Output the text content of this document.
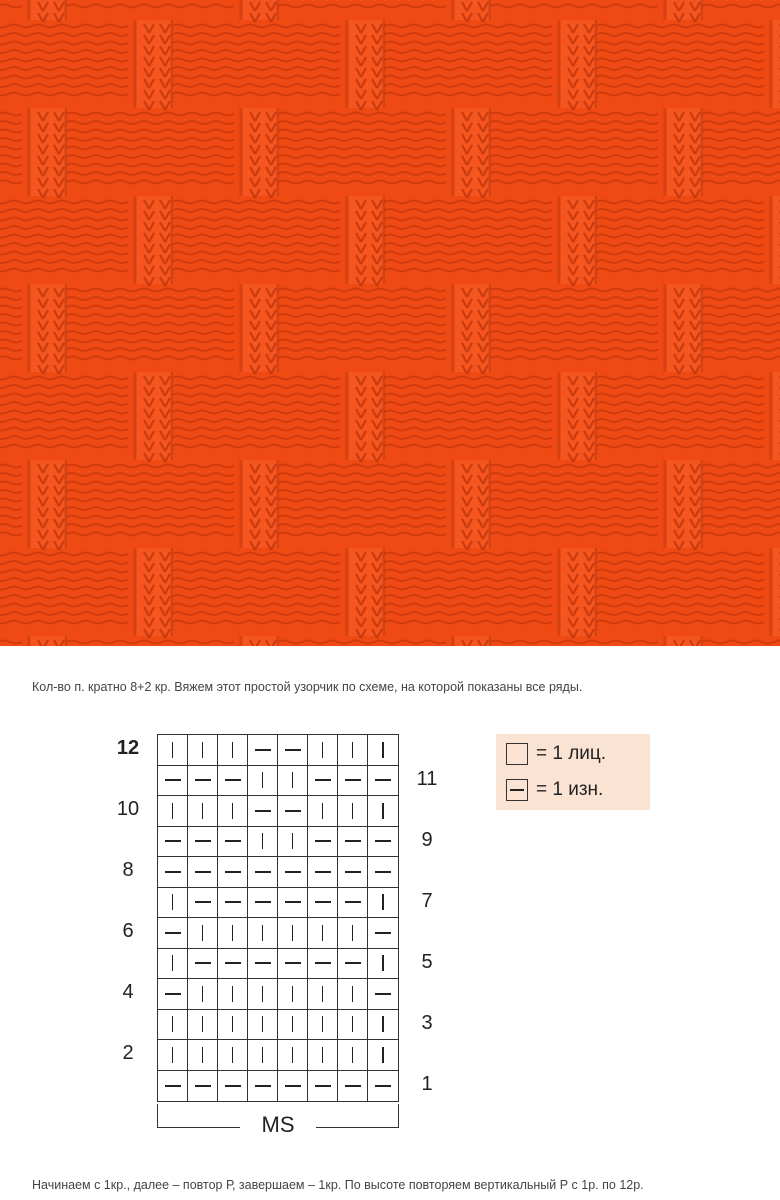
Кол-во п. кратно 8+2 кр. Вяжем этот простой узорчик по схеме, на которой показаны все ряды.
12
11
10
9
8
7
6
5
4
3
2
1
MS
= 1 лиц.
= 1 изн.
Начинаем с 1кр., далее – повтор Р, завершаем – 1кр. По высоте повторяем вертикальный Р с 1р. по 12р.
